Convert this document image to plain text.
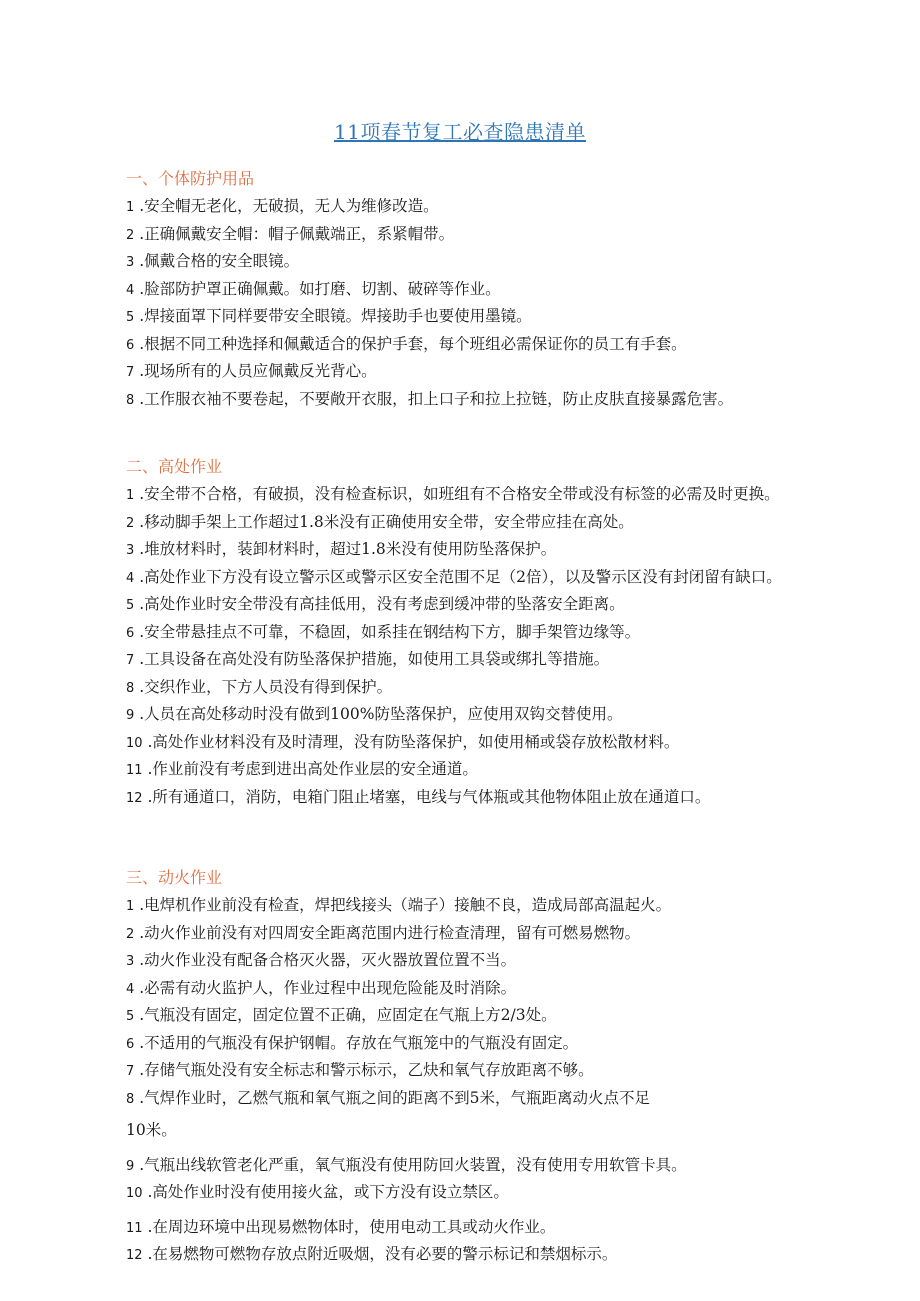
11项春节复工必查隐患清单
一、个体防护用品
1 .安全帽无老化，无破损，无人为维修改造。
2 .正确佩戴安全帽：帽子佩戴端正，系紧帽带。
3 .佩戴合格的安全眼镜。
4 .脸部防护罩正确佩戴。如打磨、切割、破碎等作业。
5 .焊接面罩下同样要带安全眼镜。焊接助手也要使用墨镜。
6 .根据不同工种选择和佩戴适合的保护手套，每个班组必需保证你的员工有手套。
7 .现场所有的人员应佩戴反光背心。
8 .工作服衣袖不要卷起，不要敞开衣服，扣上口子和拉上拉链，防止皮肤直接暴露危害。
二、高处作业
1 .安全带不合格，有破损，没有检查标识，如班组有不合格安全带或没有标签的必需及时更换。
2 .移动脚手架上工作超过1.8米没有正确使用安全带，安全带应挂在高处。
3 .堆放材料时，装卸材料时，超过1.8米没有使用防坠落保护。
4 .高处作业下方没有设立警示区或警示区安全范围不足（2倍），以及警示区没有封闭留有缺口。
5 .高处作业时安全带没有高挂低用，没有考虑到缓冲带的坠落安全距离。
6 .安全带悬挂点不可靠，不稳固，如系挂在钢结构下方，脚手架管边缘等。
7 .工具设备在高处没有防坠落保护措施，如使用工具袋或绑扎等措施。
8 .交织作业，下方人员没有得到保护。
9 .人员在高处移动时没有做到100%防坠落保护，应使用双钩交替使用。
10 .高处作业材料没有及时清理，没有防坠落保护，如使用桶或袋存放松散材料。
11 .作业前没有考虑到进出高处作业层的安全通道。
12 .所有通道口，消防，电箱门阻止堵塞，电线与气体瓶或其他物体阻止放在通道口。
三、动火作业
1 .电焊机作业前没有检查，焊把线接头（端子）接触不良，造成局部高温起火。
2 .动火作业前没有对四周安全距离范围内进行检查清理，留有可燃易燃物。
3 .动火作业没有配备合格灭火器，灭火器放置位置不当。
4 .必需有动火监护人，作业过程中出现危险能及时消除。
5 .气瓶没有固定，固定位置不正确，应固定在气瓶上方2/3处。
6 .不适用的气瓶没有保护钢帽。存放在气瓶笼中的气瓶没有固定。
7 .存储气瓶处没有安全标志和警示标示，乙炔和氧气存放距离不够。
8 .气焊作业时，乙燃气瓶和氧气瓶之间的距离不到5米，气瓶距离动火点不足
10米。
9 .气瓶出线软管老化严重，氧气瓶没有使用防回火装置，没有使用专用软管卡具。
10 .高处作业时没有使用接火盆，或下方没有设立禁区。
11 .在周边环境中出现易燃物体时，使用电动工具或动火作业。
12 .在易燃物可燃物存放点附近吸烟，没有必要的警示标记和禁烟标示。
